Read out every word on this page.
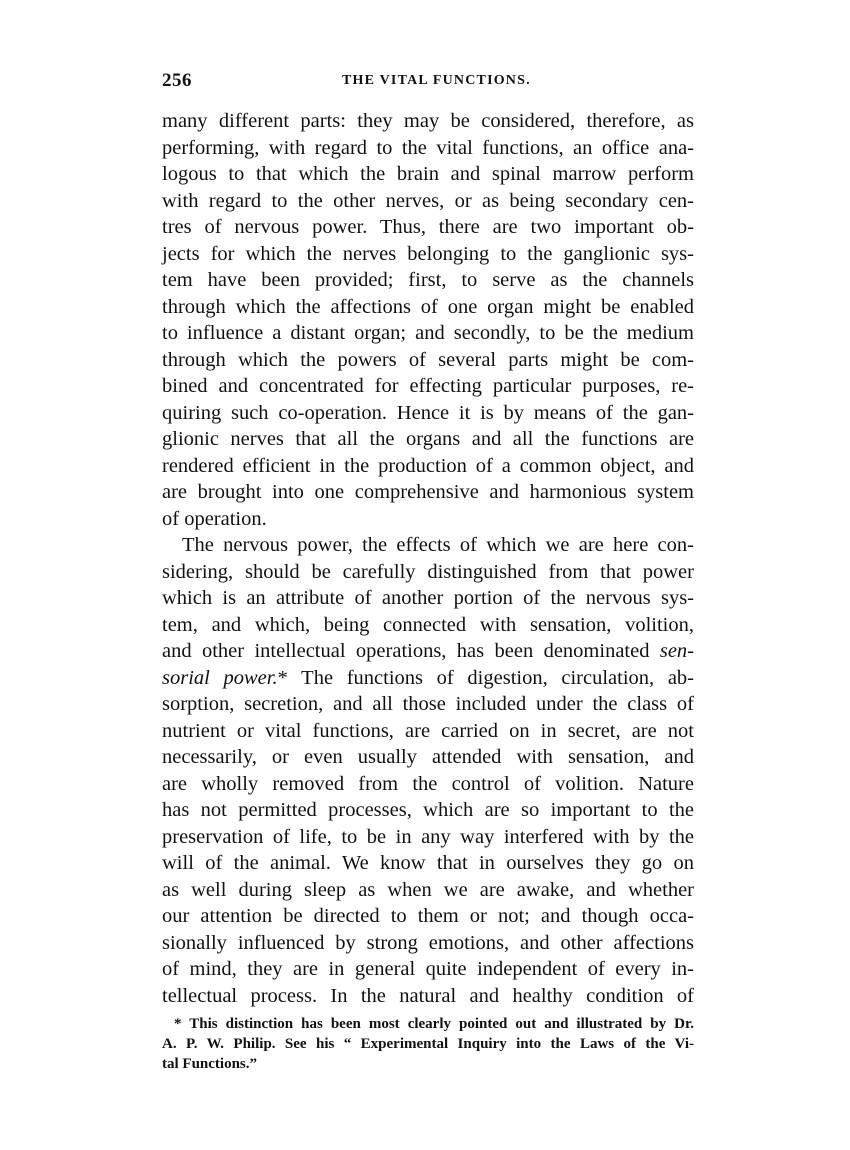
256	THE VITAL FUNCTIONS.
many different parts: they may be considered, therefore, as
performing, with regard to the vital functions, an office ana-
logous to that which the brain and spinal marrow perform
with regard to the other nerves, or as being secondary cen-
tres of nervous power. Thus, there are two important ob-
jects for which the nerves belonging to the ganglionic sys-
tem have been provided; first, to serve as the channels
through which the affections of one organ might be enabled
to influence a distant organ; and secondly, to be the medium
through which the powers of several parts might be com-
bined and concentrated for effecting particular purposes, re-
quiring such co-operation. Hence it is by means of the gan-
glionic nerves that all the organs and all the functions are
rendered efficient in the production of a common object, and
are brought into one comprehensive and harmonious system
of operation.
The nervous power, the effects of which we are here con-
sidering, should be carefully distinguished from that power
which is an attribute of another portion of the nervous sys-
tem, and which, being connected with sensation, volition,
and other intellectual operations, has been denominated sen-
sorial power.* The functions of digestion, circulation, ab-
sorption, secretion, and all those included under the class of
nutrient or vital functions, are carried on in secret, are not
necessarily, or even usually attended with sensation, and
are wholly removed from the control of volition. Nature
has not permitted processes, which are so important to the
preservation of life, to be in any way interfered with by the
will of the animal. We know that in ourselves they go on
as well during sleep as when we are awake, and whether
our attention be directed to them or not; and though occa-
sionally influenced by strong emotions, and other affections
of mind, they are in general quite independent of every in-
tellectual process. In the natural and healthy condition of
* This distinction has been most clearly pointed out and illustrated by Dr.
A. P. W. Philip. See his “ Experimental Inquiry into the Laws of the Vi-
tal Functions.”
